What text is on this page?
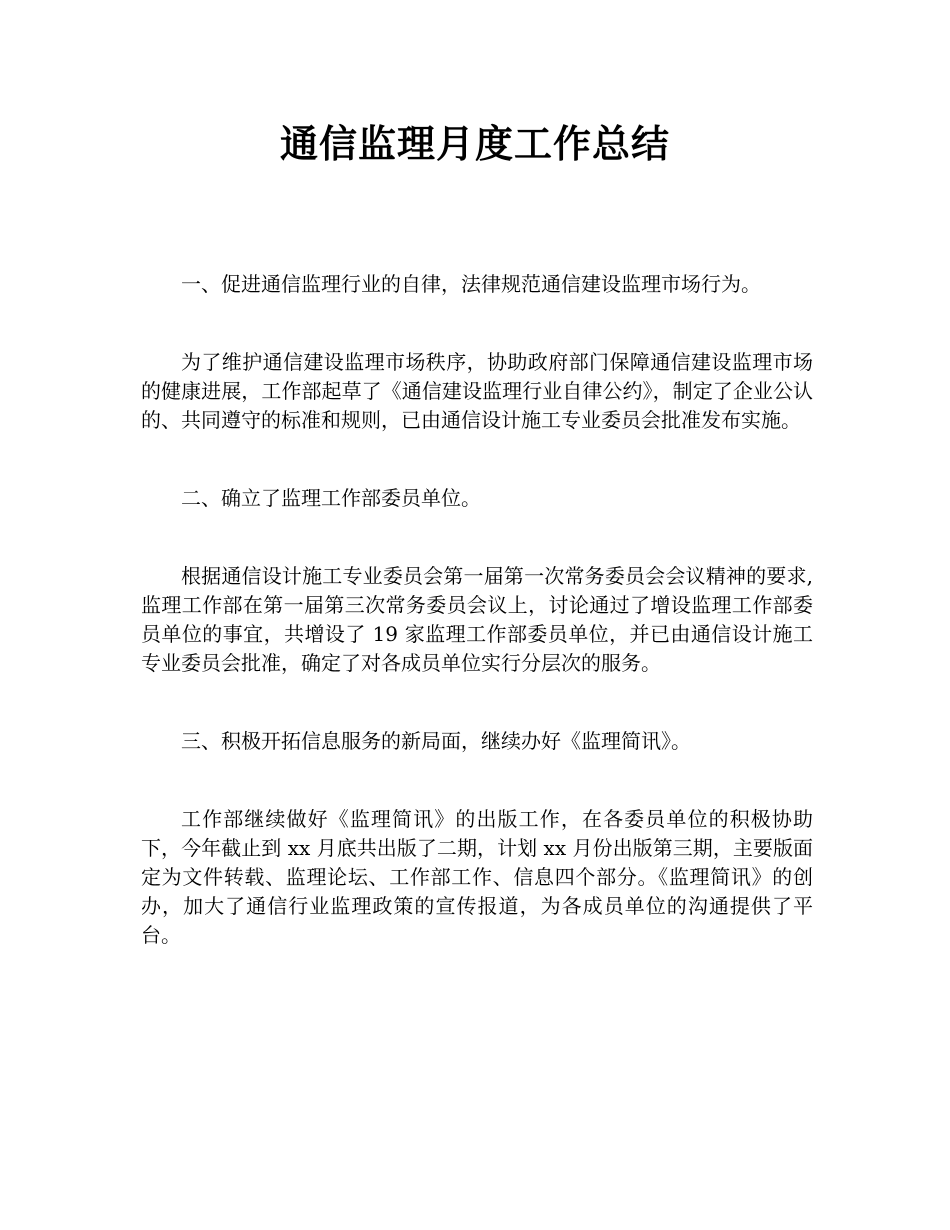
通信监理月度工作总结

一、促进通信监理行业的自律，法律规范通信建设监理市场行为。

为了维护通信建设监理市场秩序，协助政府部门保障通信建设监理市场的健康进展，工作部起草了《通信建设监理行业自律公约》，制定了企业公认的、共同遵守的标准和规则，已由通信设计施工专业委员会批准发布实施。

二、确立了监理工作部委员单位。

根据通信设计施工专业委员会第一届第一次常务委员会会议精神的要求,监理工作部在第一届第三次常务委员会议上，讨论通过了增设监理工作部委员单位的事宜，共增设了 19 家监理工作部委员单位，并已由通信设计施工专业委员会批准，确定了对各成员单位实行分层次的服务。

三、积极开拓信息服务的新局面，继续办好《监理简讯》。

工作部继续做好《监理简讯》的出版工作，在各委员单位的积极协助下，今年截止到 xx 月底共出版了二期，计划 xx 月份出版第三期，主要版面定为文件转载、监理论坛、工作部工作、信息四个部分。《监理简讯》的创办，加大了通信行业监理政策的宣传报道，为各成员单位的沟通提供了平台。
